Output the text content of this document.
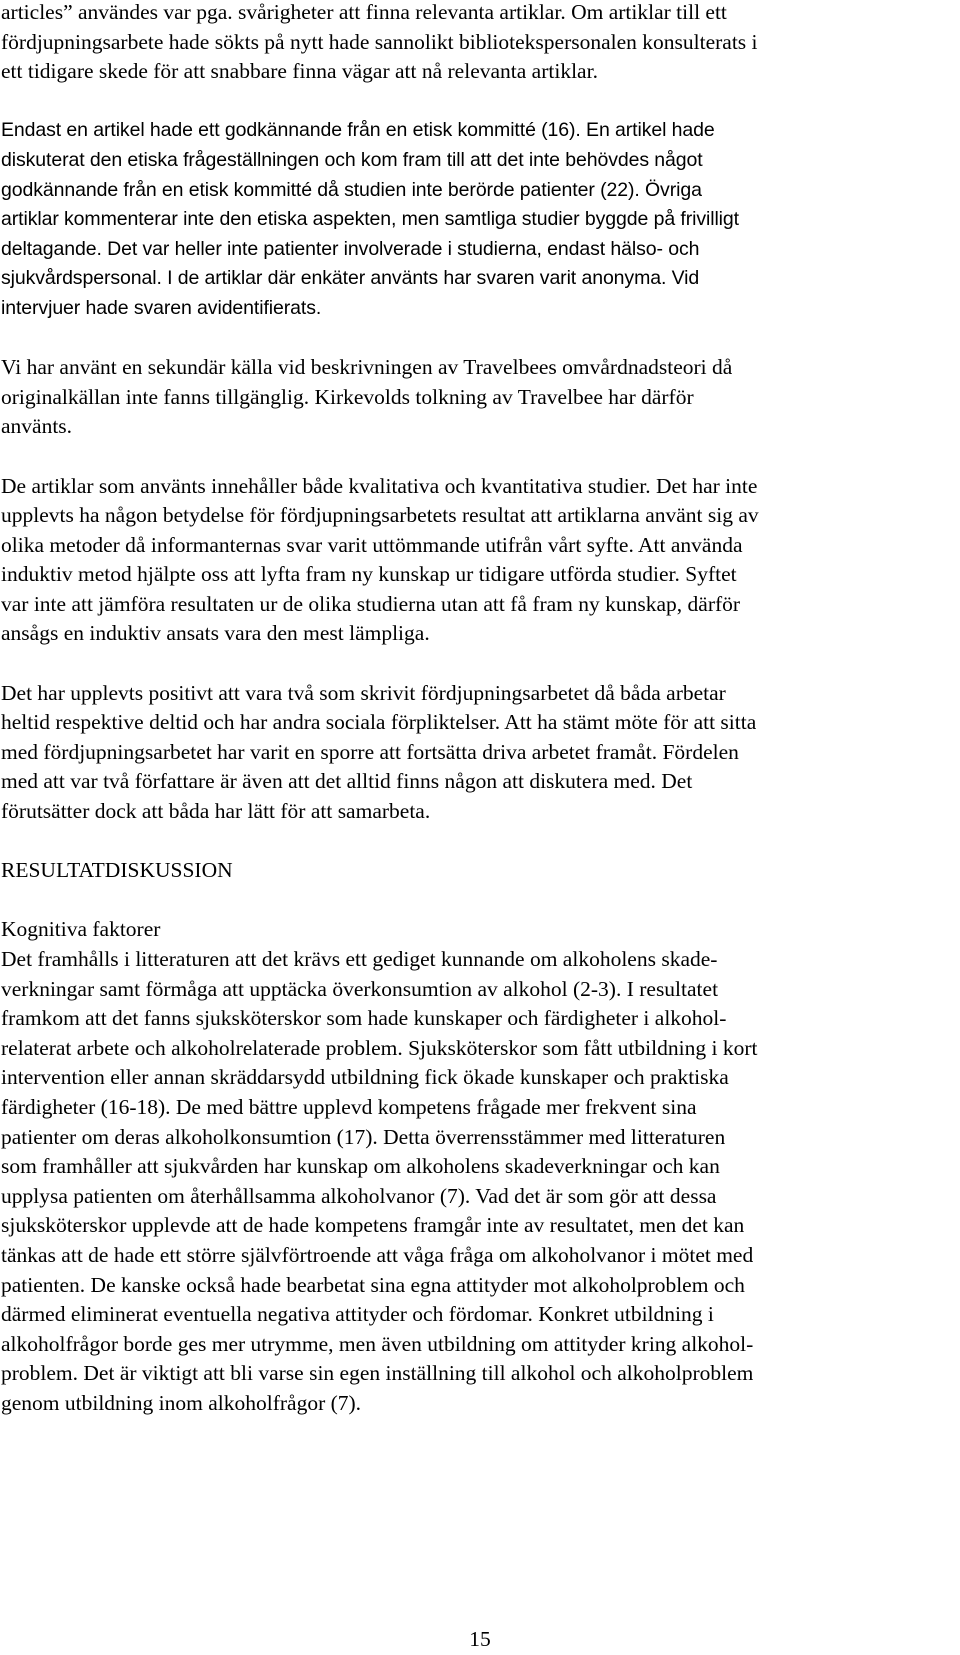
articles” användes var pga. svårigheter att finna relevanta artiklar. Om artiklar till ett
fördjupningsarbete hade sökts på nytt hade sannolikt bibliotekspersonalen konsulterats i
ett tidigare skede för att snabbare finna vägar att nå relevanta artiklar.

Endast en artikel hade ett godkännande från en etisk kommitté (16). En artikel hade
diskuterat den etiska frågeställningen och kom fram till att det inte behövdes något
godkännande från en etisk kommitté då studien inte berörde patienter (22). Övriga
artiklar kommenterar inte den etiska aspekten, men samtliga studier byggde på frivilligt
deltagande. Det var heller inte patienter involverade i studierna, endast hälso- och
sjukvårdspersonal. I de artiklar där enkäter använts har svaren varit anonyma. Vid
intervjuer hade svaren avidentifierats.

Vi har använt en sekundär källa vid beskrivningen av Travelbees omvårdnadsteori då
originalkällan inte fanns tillgänglig. Kirkevolds tolkning av Travelbee har därför
använts.

De artiklar som använts innehåller både kvalitativa och kvantitativa studier. Det har inte
upplevts ha någon betydelse för fördjupningsarbetets resultat att artiklarna använt sig av
olika metoder då informanternas svar varit uttömmande utifrån vårt syfte. Att använda
induktiv metod hjälpte oss att lyfta fram ny kunskap ur tidigare utförda studier. Syftet
var inte att jämföra resultaten ur de olika studierna utan att få fram ny kunskap, därför
ansågs en induktiv ansats vara den mest lämpliga.

Det har upplevts positivt att vara två som skrivit fördjupningsarbetet då båda arbetar
heltid respektive deltid och har andra sociala förpliktelser. Att ha stämt möte för att sitta
med fördjupningsarbetet har varit en sporre att fortsätta driva arbetet framåt. Fördelen
med att var två författare är även att det alltid finns någon att diskutera med. Det
förutsätter dock att båda har lätt för att samarbeta.

RESULTATDISKUSSION

Kognitiva faktorer

Det framhålls i litteraturen att det krävs ett gediget kunnande om alkoholens skade-
verkningar samt förmåga att upptäcka överkonsumtion av alkohol (2-3). I resultatet
framkom att det fanns sjuksköterskor som hade kunskaper och färdigheter i alkohol-
relaterat arbete och alkoholrelaterade problem. Sjuksköterskor som fått utbildning i kort
intervention eller annan skräddarsydd utbildning fick ökade kunskaper och praktiska
färdigheter (16-18). De med bättre upplevd kompetens frågade mer frekvent sina
patienter om deras alkoholkonsumtion (17). Detta överrensstämmer med litteraturen
som framhåller att sjukvården har kunskap om alkoholens skadeverkningar och kan
upplysa patienten om återhållsamma alkoholvanor (7). Vad det är som gör att dessa
sjuksköterskor upplevde att de hade kompetens framgår inte av resultatet, men det kan
tänkas att de hade ett större självförtroende att våga fråga om alkoholvanor i mötet med
patienten. De kanske också hade bearbetat sina egna attityder mot alkoholproblem och
därmed eliminerat eventuella negativa attityder och fördomar. Konkret utbildning i
alkoholfrågor borde ges mer utrymme, men även utbildning om attityder kring alkohol-
problem. Det är viktigt att bli varse sin egen inställning till alkohol och alkoholproblem
genom utbildning inom alkoholfrågor (7).

15
